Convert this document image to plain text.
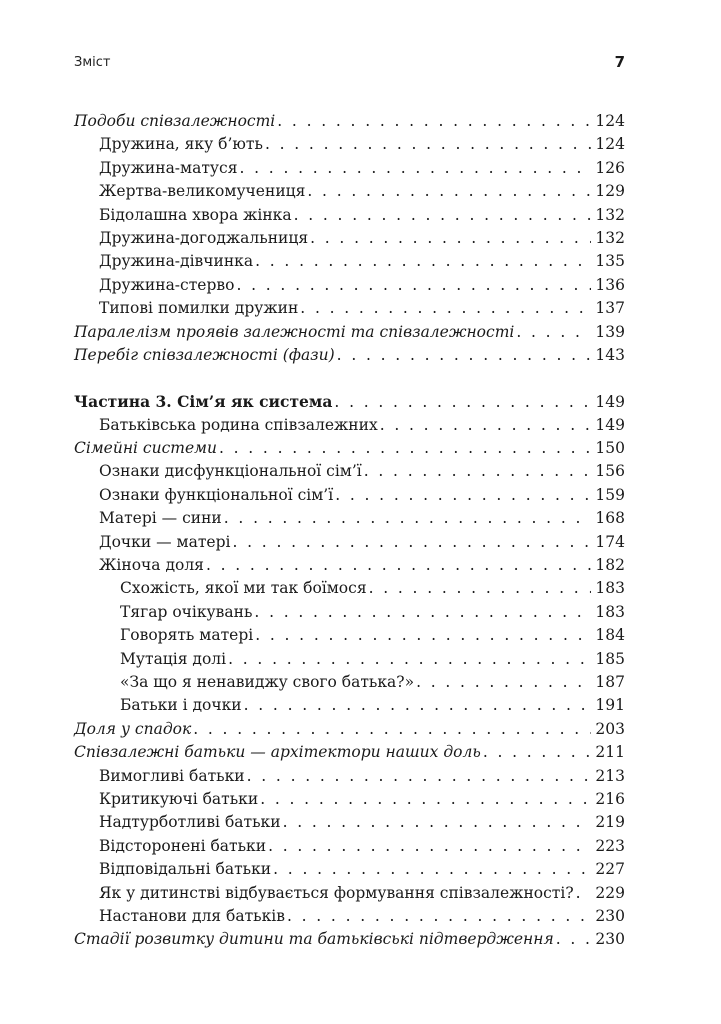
Зміст	7
Подоби співзалежності . . .	124
Дружина, яку б’ють . . .	124
Дружина-матуся . . .	126
Жертва-великомучениця . . .	129
Бідолашна хвора жінка . . .	132
Дружина-догоджальниця . . .	132
Дружина-дівчинка . . .	135
Дружина-стерво . . .	136
Типові помилки дружин . . .	137
Паралелізм проявів залежності та співзалежності . . .	139
Перебіг співзалежності (фази) . . .	143
Частина 3. Сім’я як система . . .	149
Батьківська родина співзалежних . . .	149
Сімейні системи . . .	150
Ознаки дисфункціональної сім’ї . . .	156
Ознаки функціональної сім’ї . . .	159
Матері — сини . . .	168
Дочки — матері . . .	174
Жіноча доля . . .	182
Схожість, якої ми так боїмося . . .	183
Тягар очікувань . . .	183
Говорять матері . . .	184
Мутація долі . . .	185
«За що я ненавиджу свого батька?» . . .	187
Батьки і дочки . . .	191
Доля у спадок . . .	203
Співзалежні батьки — архітектори наших доль . . .	211
Вимогливі батьки . . .	213
Критикуючі батьки . . .	216
Надтурботливі батьки . . .	219
Відсторонені батьки . . .	223
Відповідальні батьки . . .	227
Як у дитинстві відбувається формування співзалежності? . . . 229
Настанови для батьків . . .	230
Стадії розвитку дитини та батьківські підтвердження . . .	230
